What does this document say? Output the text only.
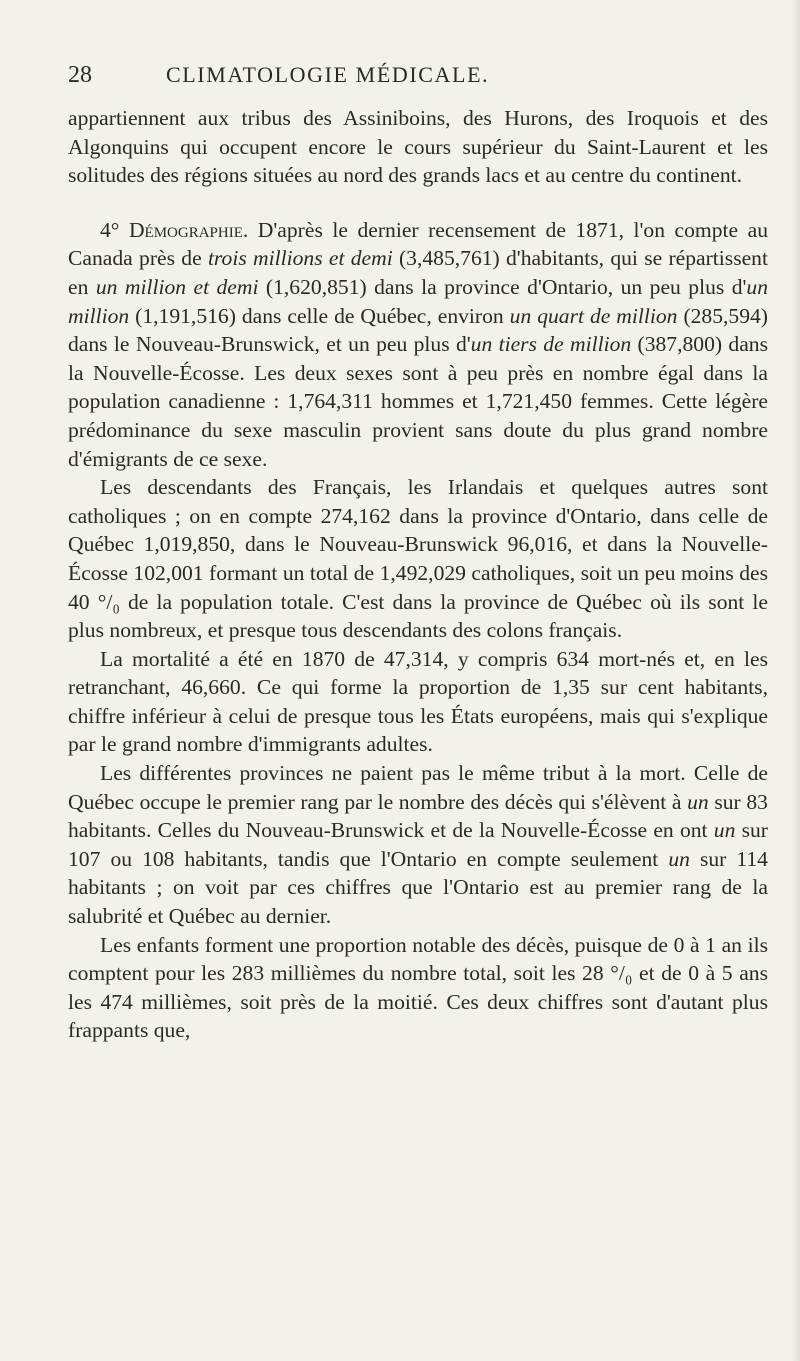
28	CLIMATOLOGIE MÉDICALE.

appartiennent aux tribus des Assiniboins, des Hurons, des Iroquois et des Algonquins qui occupent encore le cours supérieur du Saint-Laurent et les solitudes des régions situées au nord des grands lacs et au centre du continent.

4° Démographie. D'après le dernier recensement de 1871, l'on compte au Canada près de trois millions et demi (3,485,761) d'habitants, qui se répartissent en un million et demi (1,620,851) dans la province d'Ontario, un peu plus d'un million (1,191,516) dans celle de Québec, environ un quart de million (285,594) dans le Nouveau-Brunswick, et un peu plus d'un tiers de million (387,800) dans la Nouvelle-Écosse. Les deux sexes sont à peu près en nombre égal dans la population canadienne : 1,764,311 hommes et 1,721,450 femmes. Cette légère prédominance du sexe masculin provient sans doute du plus grand nombre d'émigrants de ce sexe.

Les descendants des Français, les Irlandais et quelques autres sont catholiques ; on en compte 274,162 dans la province d'Ontario, dans celle de Québec 1,019,850, dans le Nouveau-Brunswick 96,016, et dans la Nouvelle-Écosse 102,001 formant un total de 1,492,029 catholiques, soit un peu moins des 40 °/₀ de la population totale. C'est dans la province de Québec où ils sont le plus nombreux, et presque tous descendants des colons français.

La mortalité a été en 1870 de 47,314, y compris 634 mort-nés et, en les retranchant, 46,660. Ce qui forme la proportion de 1,35 sur cent habitants, chiffre inférieur à celui de presque tous les États européens, mais qui s'explique par le grand nombre d'immigrants adultes.

Les différentes provinces ne paient pas le même tribut à la mort. Celle de Québec occupe le premier rang par le nombre des décès qui s'élèvent à un sur 83 habitants. Celles du Nouveau-Brunswick et de la Nouvelle-Écosse en ont un sur 107 ou 108 habitants, tandis que l'Ontario en compte seulement un sur 114 habitants ; on voit par ces chiffres que l'Ontario est au premier rang de la salubrité et Québec au dernier.

Les enfants forment une proportion notable des décès, puisque de 0 à 1 an ils comptent pour les 283 millièmes du nombre total, soit les 28 °/₀ et de 0 à 5 ans les 474 millièmes, soit près de la moitié. Ces deux chiffres sont d'autant plus frappants que,
